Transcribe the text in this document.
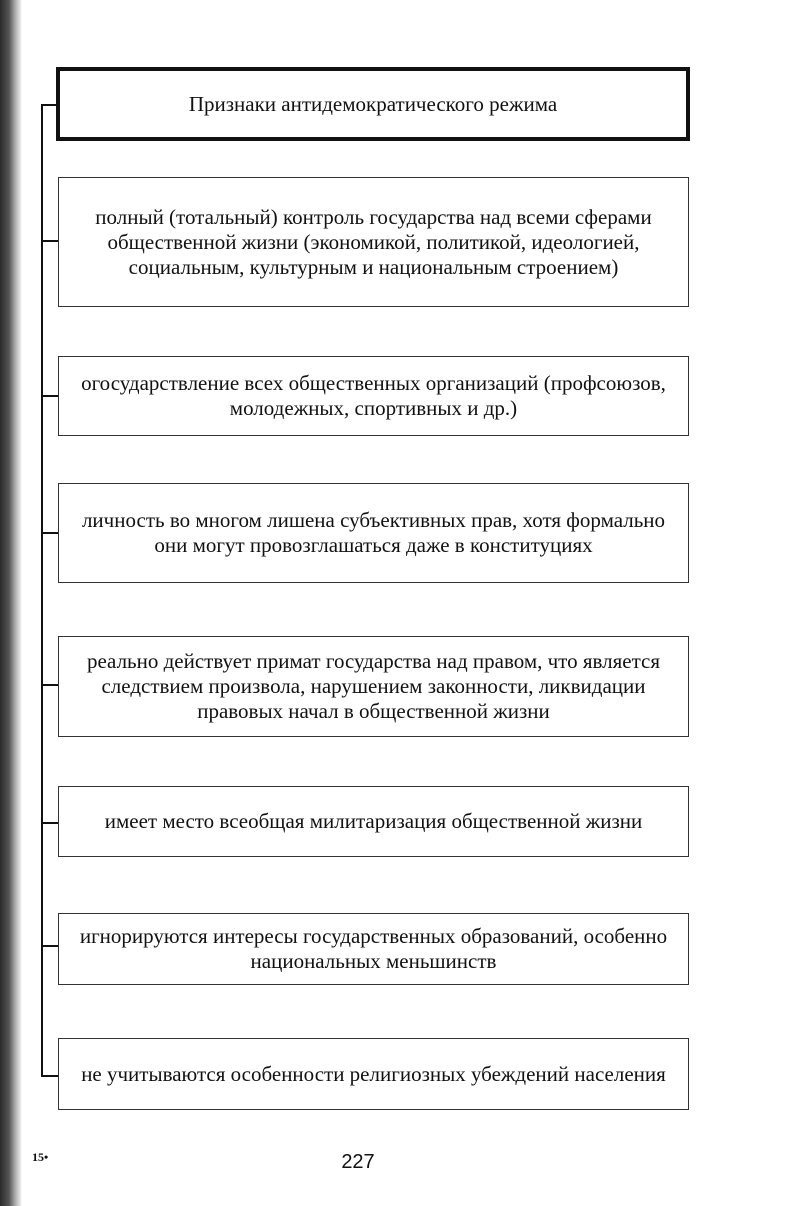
Признаки антидемократического режима
полный (тотальный) контроль государства над всеми сферами общественной жизни (экономикой, политикой, идеологией, социальным, культурным и национальным строением)
огосударствление всех общественных организаций (профсоюзов, молодежных, спортивных и др.)
личность во многом лишена субъективных прав, хотя формально они могут провозглашаться даже в конституциях
реально действует примат государства над правом, что является следствием произвола, нарушением законности, ликвидации правовых начал в общественной жизни
имеет место всеобщая милитаризация общественной жизни
игнорируются интересы государственных образований, особенно национальных меньшинств
не учитываются особенности религиозных убеждений населения
15•	227
